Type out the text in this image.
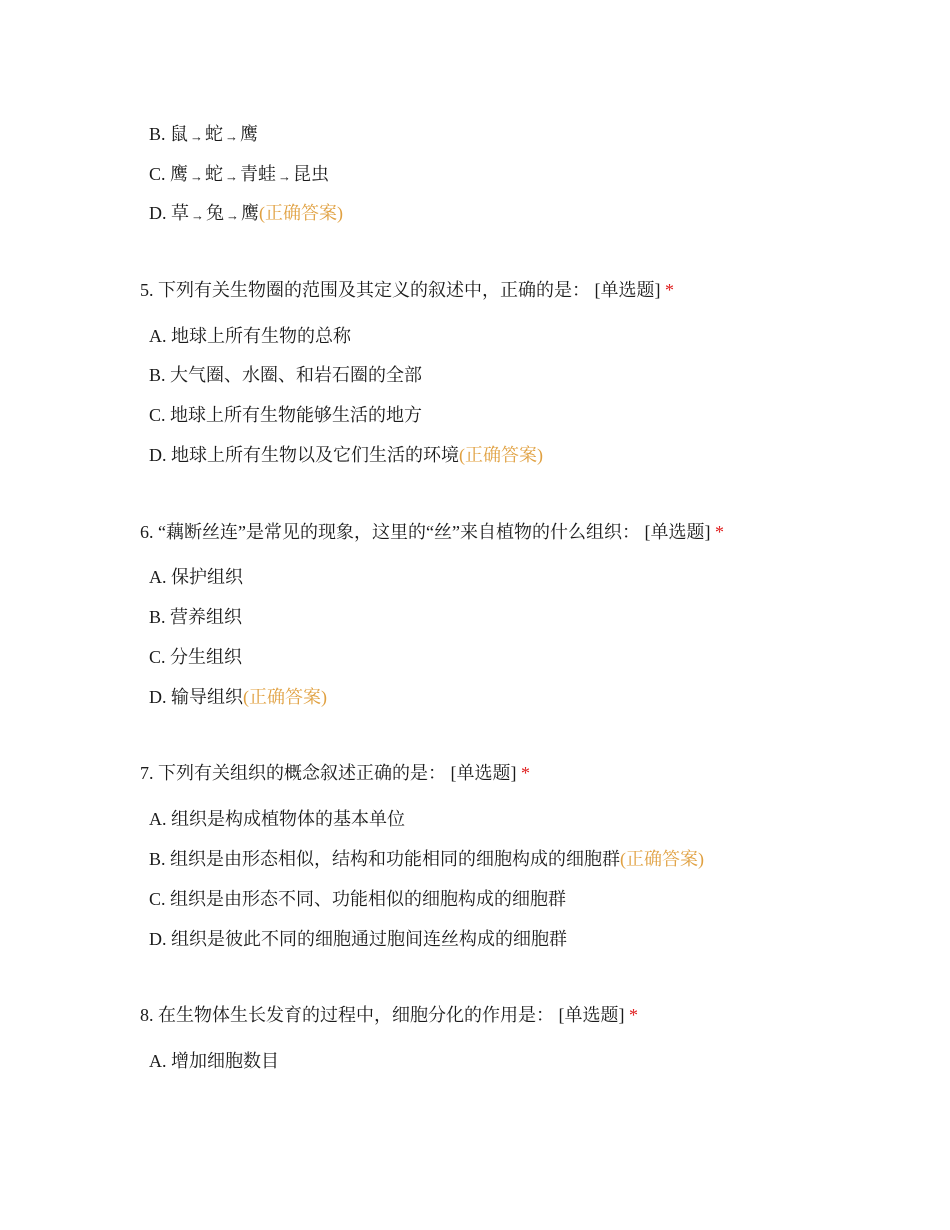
B. 鼠 → 蛇 → 鹰
C. 鹰 → 蛇 → 青蛙 → 昆虫
D. 草 → 兔 → 鹰(正确答案)
5. 下列有关生物圈的范围及其定义的叙述中，正确的是： [单选题] *
A. 地球上所有生物的总称
B. 大气圈、水圈、和岩石圈的全部
C. 地球上所有生物能够生活的地方
D. 地球上所有生物以及它们生活的环境(正确答案)
6. “藕断丝连”是常见的现象，这里的“丝”来自植物的什么组织： [单选题] *
A. 保护组织
B. 营养组织
C. 分生组织
D. 输导组织(正确答案)
7. 下列有关组织的概念叙述正确的是： [单选题] *
A. 组织是构成植物体的基本单位
B. 组织是由形态相似，结构和功能相同的细胞构成的细胞群(正确答案)
C. 组织是由形态不同、功能相似的细胞构成的细胞群
D. 组织是彼此不同的细胞通过胞间连丝构成的细胞群
8. 在生物体生长发育的过程中，细胞分化的作用是： [单选题] *
A. 增加细胞数目
